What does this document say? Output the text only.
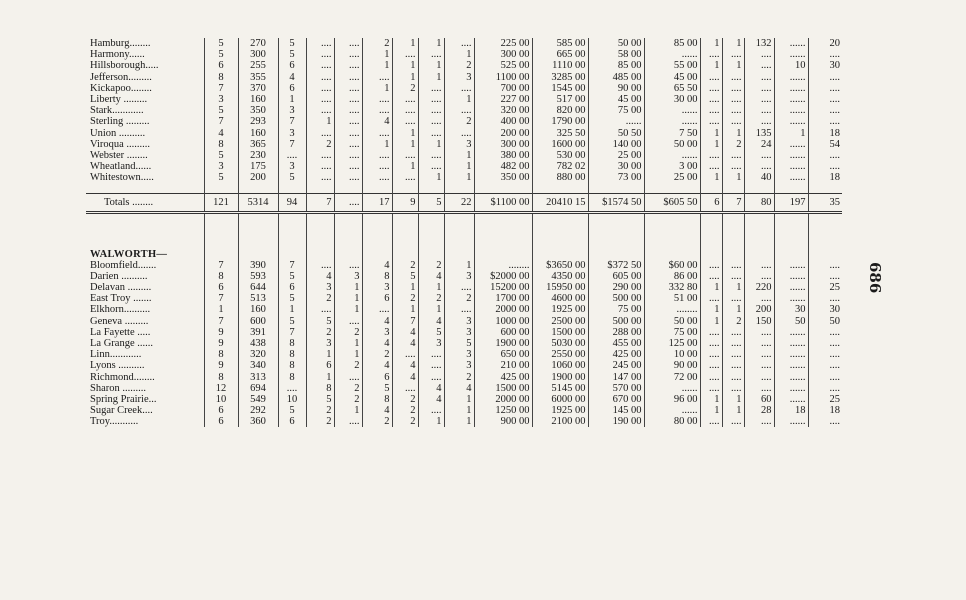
Hamburg........	5	270	5	....	....	2	1	1	....	225 00	585 00	50 00	85 00	1	1	132	......	20
Harmony......	5	300	5	....	....	1	....	....	1	300 00	665 00	58 00	......	....	....	....	......	....
Hillsborough.....	6	255	6	....	....	1	1	1	2	525 00	1110 00	85 00	55 00	1	1	....	10	30
Jefferson.........	8	355	4	....	....	....	1	1	3	1100 00	3285 00	485 00	45 00	....	....	....	......	....
Kickapoo........	7	370	6	....	....	1	2	....	....	700 00	1545 00	90 00	65 50	....	....	....	......	....
Liberty .........	3	160	1	....	....	....	....	....	1	227 00	517 00	45 00	30 00	....	....	....	......	....
Stark............	5	350	3	....	....	....	....	....	....	320 00	820 00	75 00	......	....	....	....	......	....
Sterling .........	7	293	7	1	....	4	....	....	2	400 00	1790 00	......	......	....	....	....	......	....
Union ..........	4	160	3	....	....	....	1	....	....	200 00	325 50	50 50	7 50	1	1	135	1	18
Viroqua .........	8	365	7	2	....	1	1	1	3	300 00	1600 00	140 00	50 00	1	2	24	......	54
Webster ........	5	230	....	....	....	....	....	....	1	380 00	530 00	25 00	......	....	....	....	......	....
Wheatland......	3	175	3	....	....	....	1	....	1	482 00	782 02	30 00	3 00	....	....	....	......	....
Whitestown.....	5	200	5	....	....	....	....	1	1	350 00	880 00	73 00	25 00	1	1	40	......	18

Totals ........	121	5314	94	7	....	17	9	5	22	$1100 00	20410 15	$1574 50	$605 50	6	7	80	197	35

WALWORTH—																		
Bloomfield.......	7	390	7	....	....	4	2	2	1	........	$3650 00	$372 50	$60 00	....	....	....	......	....
Darien ..........	8	593	5	4	3	8	5	4	3	$2000 00	4350 00	605 00	86 00	....	....	....	......	....
Delavan .........	6	644	6	3	1	3	1	1	....	15200 00	15950 00	290 00	332 80	1	1	220	......	25
East Troy .......	7	513	5	2	1	6	2	2	2	1700 00	4600 00	500 00	51 00	....	....	....	......	....
Elkhorn..........	1	160	1	....	1	....	1	1	....	2000 00	1925 00	75 00	........	1	1	200	30	30
Geneva .........	7	600	5	5	....	4	7	4	3	1000 00	2500 00	500 00	50 00	1	2	150	50	50
La Fayette .....	9	391	7	2	2	3	4	5	3	600 00	1500 00	288 00	75 00	....	....	....	......	....
La Grange ......	9	438	8	3	1	4	4	3	5	1900 00	5030 00	455 00	125 00	....	....	....	......	....
Linn............	8	320	8	1	1	2	....	....	3	650 00	2550 00	425 00	10 00	....	....	....	......	....
Lyons ..........	9	340	8	6	2	4	4	....	3	210 00	1060 00	245 00	90 00	....	....	....	......	....
Richmond........	8	313	8	1	....	6	4	....	2	425 00	1900 00	147 00	72 00	....	....	....	......	....
Sharon .........	12	694	....	8	2	5	....	4	4	1500 00	5145 00	570 00	......	....	....	....	......	....
Spring Prairie...	10	549	10	5	2	8	2	4	1	2000 00	6000 00	670 00	96 00	1	1	60	......	25
Sugar Creek....	6	292	5	2	1	4	2	....	1	1250 00	1925 00	145 00	......	1	1	28	18	18
Troy...........	6	360	6	2	....	2	2	1	1	900 00	2100 00	190 00	80 00	....	....	....	......	....
686
